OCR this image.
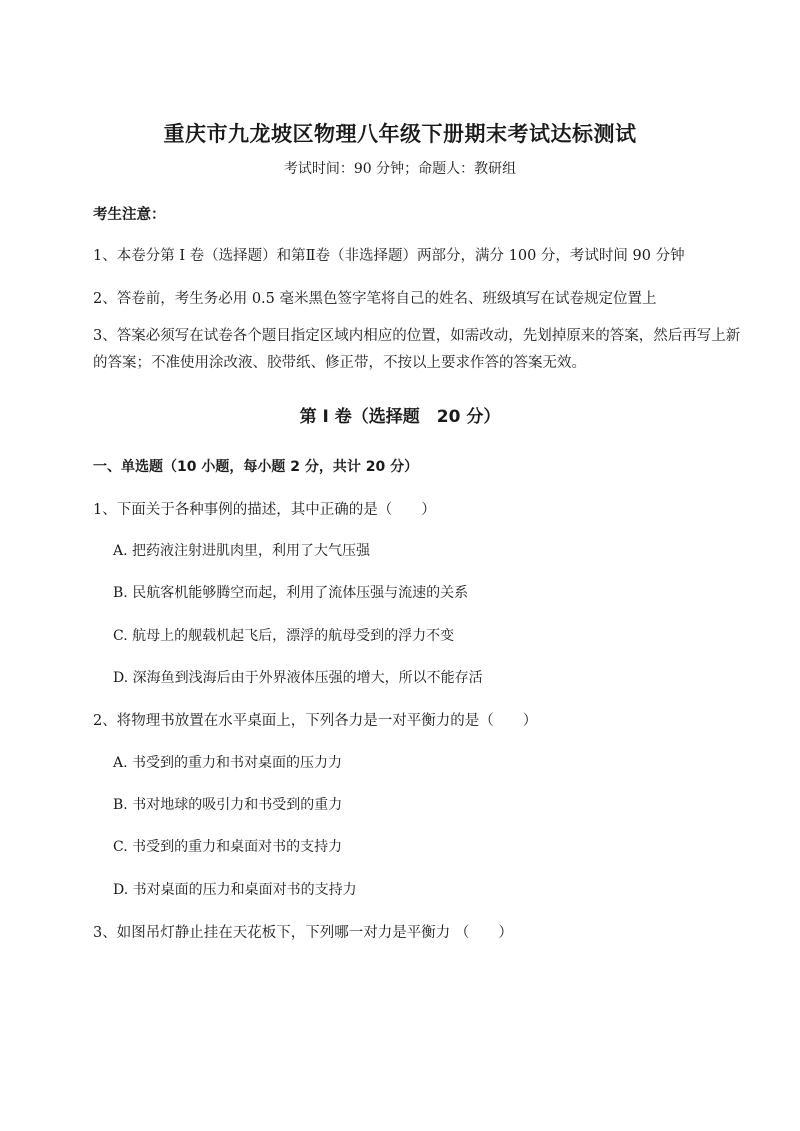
重庆市九龙坡区物理八年级下册期末考试达标测试
考试时间：90 分钟；命题人：教研组
考生注意：
1、本卷分第 I 卷（选择题）和第Ⅱ卷（非选择题）两部分，满分 100 分，考试时间 90 分钟
2、答卷前，考生务必用 0.5 毫米黑色签字笔将自己的姓名、班级填写在试卷规定位置上
3、答案必须写在试卷各个题目指定区域内相应的位置，如需改动，先划掉原来的答案，然后再写上新的答案；不准使用涂改液、胶带纸、修正带，不按以上要求作答的答案无效。
第 I 卷（选择题　20 分）
一、单选题（10 小题，每小题 2 分，共计 20 分）
1、下面关于各种事例的描述，其中正确的是（　　）
A. 把药液注射进肌肉里，利用了大气压强
B. 民航客机能够腾空而起，利用了流体压强与流速的关系
C. 航母上的舰载机起飞后，漂浮的航母受到的浮力不变
D. 深海鱼到浅海后由于外界液体压强的增大，所以不能存活
2、将物理书放置在水平桌面上，下列各力是一对平衡力的是（　　）
A. 书受到的重力和书对桌面的压力力
B. 书对地球的吸引力和书受到的重力
C. 书受到的重力和桌面对书的支持力
D. 书对桌面的压力和桌面对书的支持力
3、如图吊灯静止挂在天花板下，下列哪一对力是平衡力 （　　）
